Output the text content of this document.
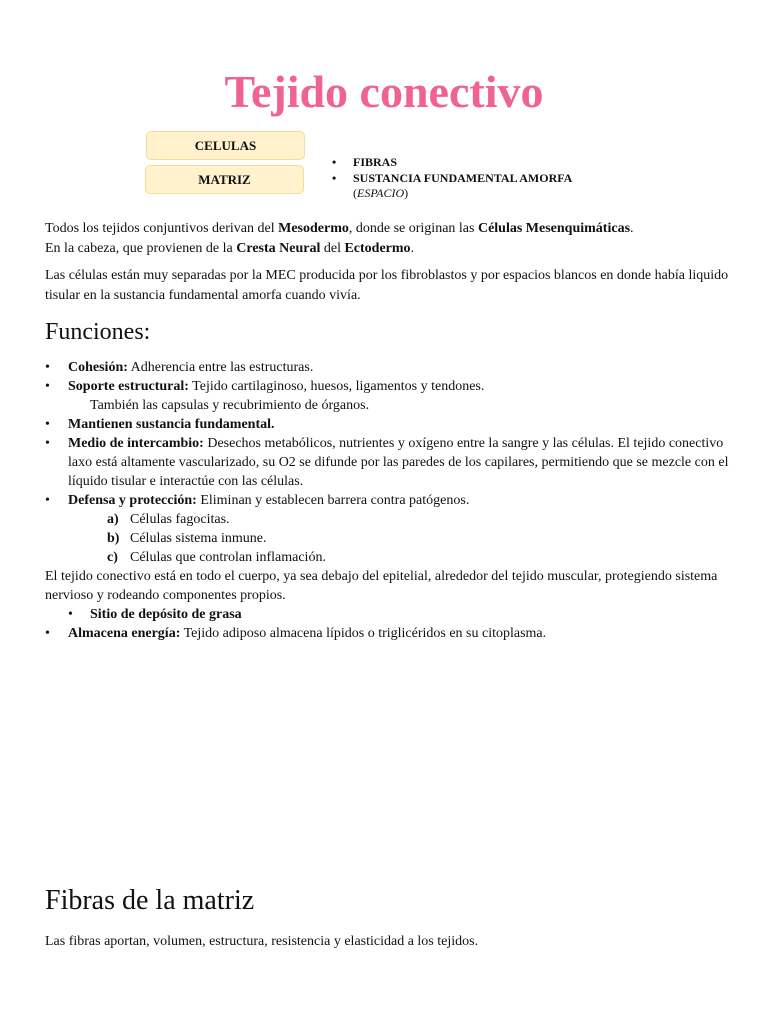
Tejido conectivo
CELULAS
MATRIZ
• FIBRAS
• SUSTANCIA FUNDAMENTAL AMORFA
(ESPACIO)
Todos los tejidos conjuntivos derivan del Mesodermo, donde se originan las Células Mesenquimáticas.
En la cabeza, que provienen de la Cresta Neural del Ectodermo.
Las células están muy separadas por la MEC producida por los fibroblastos y por espacios blancos en donde había liquido tisular en la sustancia fundamental amorfa cuando vivía.
Funciones:
• Cohesión: Adherencia entre las estructuras.
• Soporte estructural: Tejido cartilaginoso, huesos, ligamentos y tendones.
También las capsulas y recubrimiento de órganos.
• Mantienen sustancia fundamental.
• Medio de intercambio: Desechos metabólicos, nutrientes y oxígeno entre la sangre y las células. El tejido conectivo laxo está altamente vascularizado, su O2 se difunde por las paredes de los capilares, permitiendo que se mezcle con el líquido tisular e interactúe con las células.
• Defensa y protección: Eliminan y establecen barrera contra patógenos.
a) Células fagocitas.
b) Células sistema inmune.
c) Células que controlan inflamación.
El tejido conectivo está en todo el cuerpo, ya sea debajo del epitelial, alrededor del tejido muscular, protegiendo sistema nervioso y rodeando componentes propios.
• Sitio de depósito de grasa
• Almacena energía: Tejido adiposo almacena lípidos o triglicéridos en su citoplasma.
Fibras de la matriz
Las fibras aportan, volumen, estructura, resistencia y elasticidad a los tejidos.
